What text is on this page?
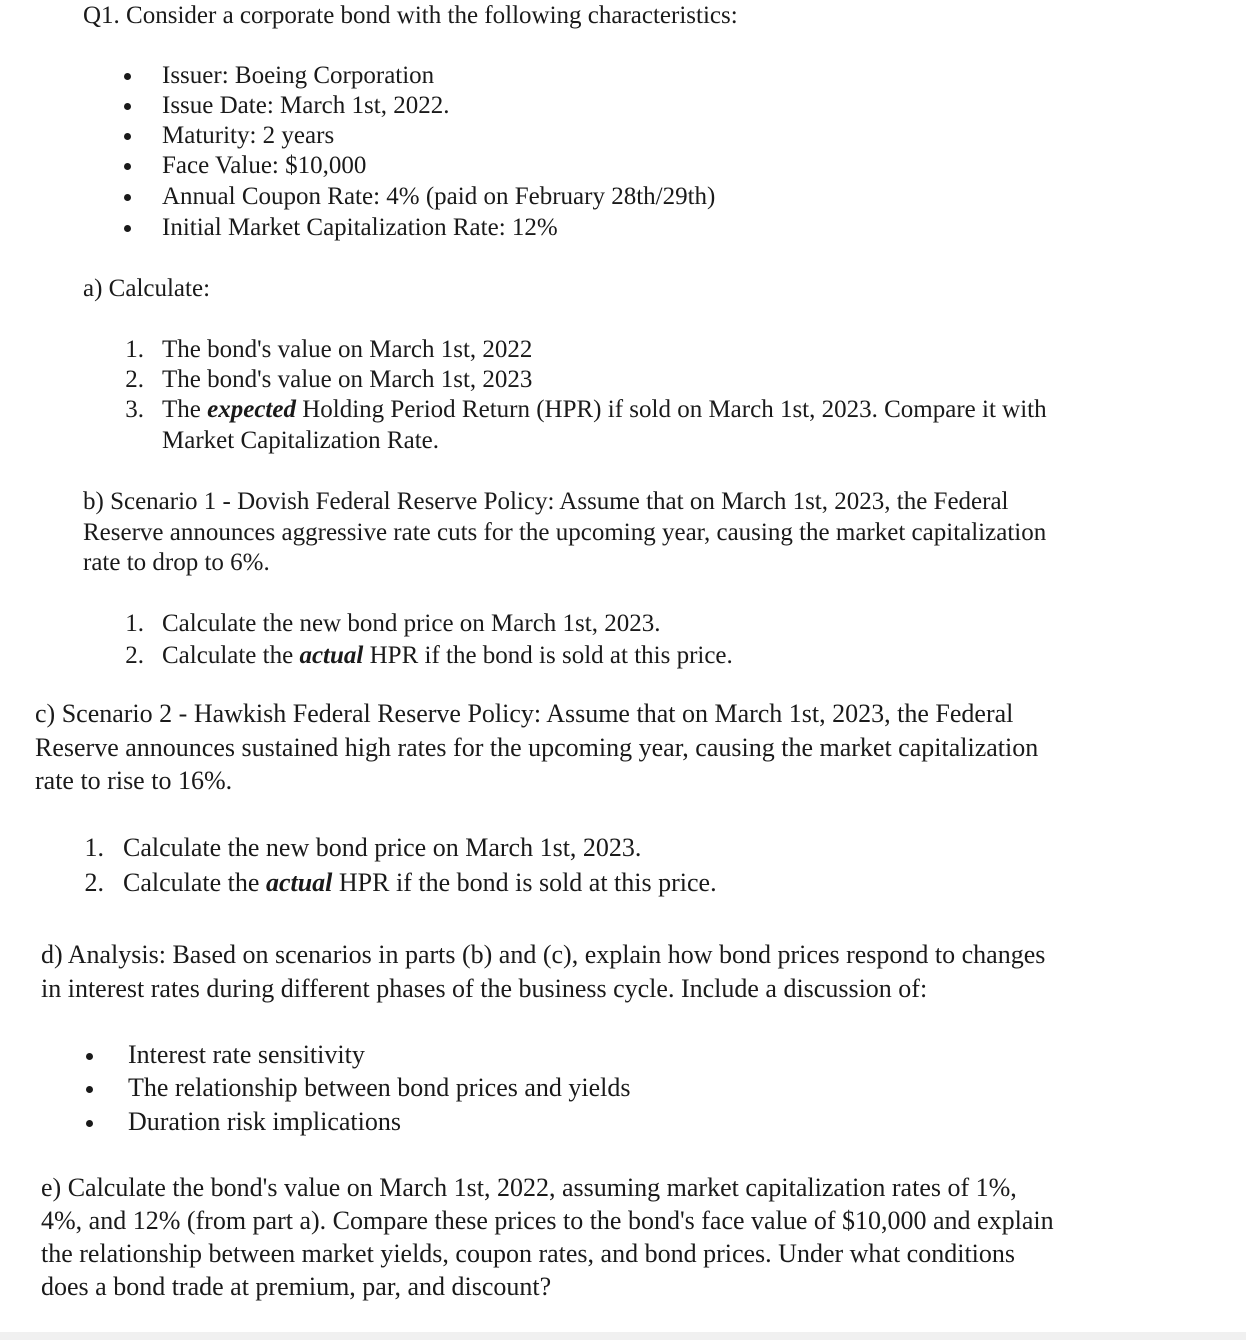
Q1. Consider a corporate bond with the following characteristics:
Issuer: Boeing Corporation
Issue Date: March 1st, 2022.
Maturity: 2 years
Face Value: $10,000
Annual Coupon Rate: 4% (paid on February 28th/29th)
Initial Market Capitalization Rate: 12%
a) Calculate:
1. The bond's value on March 1st, 2022
2. The bond's value on March 1st, 2023
3. The expected Holding Period Return (HPR) if sold on March 1st, 2023. Compare it with
Market Capitalization Rate.
b) Scenario 1 - Dovish Federal Reserve Policy: Assume that on March 1st, 2023, the Federal
Reserve announces aggressive rate cuts for the upcoming year, causing the market capitalization
rate to drop to 6%.
1. Calculate the new bond price on March 1st, 2023.
2. Calculate the actual HPR if the bond is sold at this price.
c) Scenario 2 - Hawkish Federal Reserve Policy: Assume that on March 1st, 2023, the Federal
Reserve announces sustained high rates for the upcoming year, causing the market capitalization
rate to rise to 16%.
1. Calculate the new bond price on March 1st, 2023.
2. Calculate the actual HPR if the bond is sold at this price.
d) Analysis: Based on scenarios in parts (b) and (c), explain how bond prices respond to changes
in interest rates during different phases of the business cycle. Include a discussion of:
Interest rate sensitivity
The relationship between bond prices and yields
Duration risk implications
e) Calculate the bond's value on March 1st, 2022, assuming market capitalization rates of 1%,
4%, and 12% (from part a). Compare these prices to the bond's face value of $10,000 and explain
the relationship between market yields, coupon rates, and bond prices. Under what conditions
does a bond trade at premium, par, and discount?
